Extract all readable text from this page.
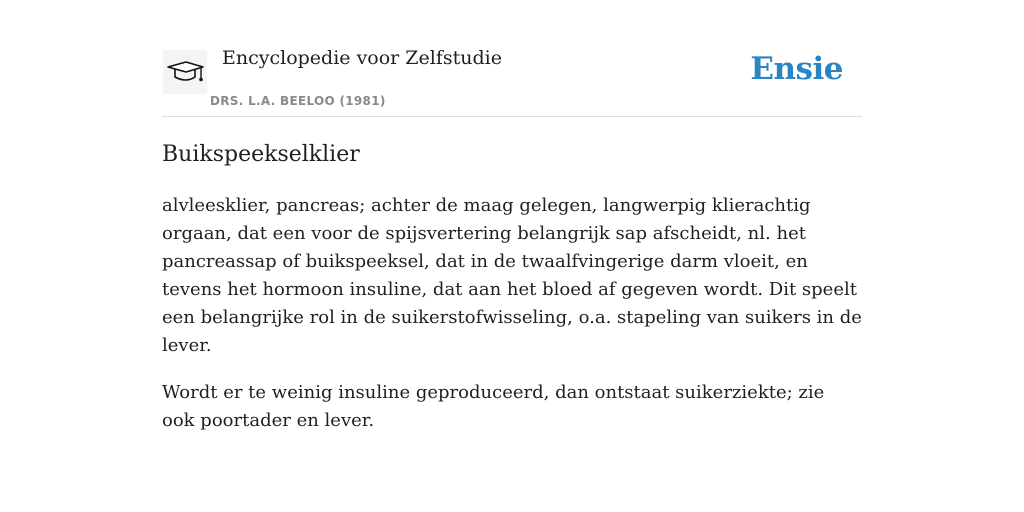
Encyclopedie voor Zelfstudie
DRS. L.A. BEELOO (1981)
Ensie
Buikspeekselklier

alvleesklier, pancreas; achter de maag gelegen, langwerpig klierachtig orgaan, dat een voor de spijsvertering belangrijk sap afscheidt, nl. het pancreassap of buikspeeksel, dat in de twaalfvingerige darm vloeit, en tevens het hormoon insuline, dat aan het bloed af gegeven wordt. Dit speelt een belangrijke rol in de suikerstofwisseling, o.a. stapeling van suikers in de lever.

Wordt er te weinig insuline geproduceerd, dan ontstaat suikerziekte; zie ook poortader en lever.
